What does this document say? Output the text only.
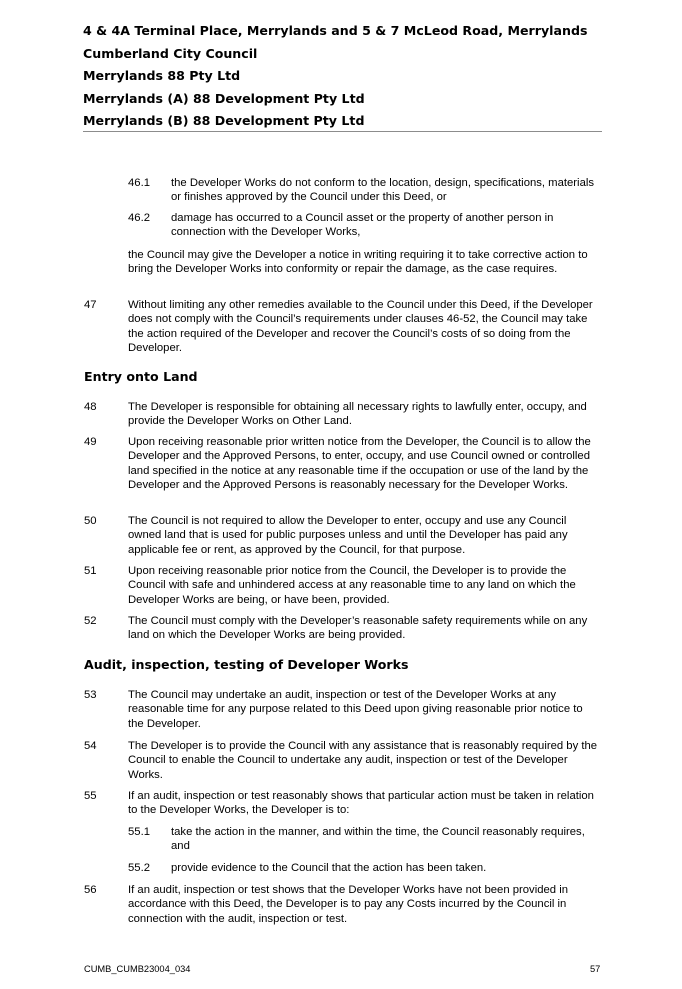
4 & 4A Terminal Place, Merrylands and 5 & 7 McLeod Road, Merrylands
Cumberland City Council
Merrylands 88 Pty Ltd
Merrylands (A) 88 Development Pty Ltd
Merrylands (B) 88 Development Pty Ltd
46.1 the Developer Works do not conform to the location, design, specifications, materials or finishes approved by the Council under this Deed, or
46.2 damage has occurred to a Council asset or the property of another person in connection with the Developer Works,
the Council may give the Developer a notice in writing requiring it to take corrective action to bring the Developer Works into conformity or repair the damage, as the case requires.
47	Without limiting any other remedies available to the Council under this Deed, if the Developer does not comply with the Council’s requirements under clauses 46-52, the Council may take the action required of the Developer and recover the Council’s costs of so doing from the Developer.
Entry onto Land
48	The Developer is responsible for obtaining all necessary rights to lawfully enter, occupy, and provide the Developer Works on Other Land.
49	Upon receiving reasonable prior written notice from the Developer, the Council is to allow the Developer and the Approved Persons, to enter, occupy, and use Council owned or controlled land specified in the notice at any reasonable time if the occupation or use of the land by the Developer and the Approved Persons is reasonably necessary for the Developer Works.
50	The Council is not required to allow the Developer to enter, occupy and use any Council owned land that is used for public purposes unless and until the Developer has paid any applicable fee or rent, as approved by the Council, for that purpose.
51	Upon receiving reasonable prior notice from the Council, the Developer is to provide the Council with safe and unhindered access at any reasonable time to any land on which the Developer Works are being, or have been, provided.
52	The Council must comply with the Developer’s reasonable safety requirements while on any land on which the Developer Works are being provided.
Audit, inspection, testing of Developer Works
53	The Council may undertake an audit, inspection or test of the Developer Works at any reasonable time for any purpose related to this Deed upon giving reasonable prior notice to the Developer.
54	The Developer is to provide the Council with any assistance that is reasonably required by the Council to enable the Council to undertake any audit, inspection or test of the Developer Works.
55	If an audit, inspection or test reasonably shows that particular action must be taken in relation to the Developer Works, the Developer is to:
55.1 take the action in the manner, and within the time, the Council reasonably requires, and
55.2 provide evidence to the Council that the action has been taken.
56	If an audit, inspection or test shows that the Developer Works have not been provided in accordance with this Deed, the Developer is to pay any Costs incurred by the Council in connection with the audit, inspection or test.
CUMB_CUMB23004_034	57
